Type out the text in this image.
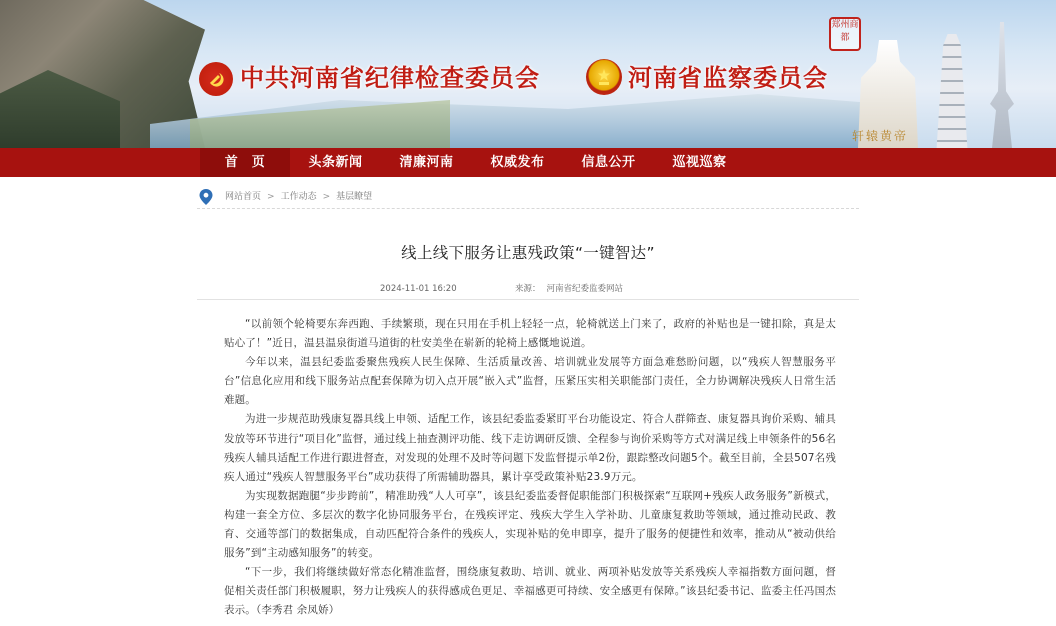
郑州商都
轩辕黄帝
中共河南省纪律检查委员会	河南省监察委员会
首　页	头条新闻	清廉河南	权威发布	信息公开	巡视巡察
网站首页 > 工作动态 > 基层瞭望
线上线下服务让惠残政策“一键智达”
2024-11-01 16:20	来源： 河南省纪委监委网站

“以前领个轮椅要东奔西跑、手续繁琐，现在只用在手机上轻轻一点，轮椅就送上门来了，政府的补贴也是一键扣除，真是太贴心了！”近日，温县温泉街道马道街的杜安美坐在崭新的轮椅上感慨地说道。

今年以来，温县纪委监委聚焦残疾人民生保障、生活质量改善、培训就业发展等方面急难愁盼问题，以“残疾人智慧服务平台”信息化应用和线下服务站点配套保障为切入点开展“嵌入式”监督，压紧压实相关职能部门责任，全力协调解决残疾人日常生活难题。

为进一步规范助残康复器具线上申领、适配工作，该县纪委监委紧盯平台功能设定、符合人群筛查、康复器具询价采购、辅具发放等环节进行“项目化”监督，通过线上抽查测评功能、线下走访调研反馈、全程参与询价采购等方式对满足线上申领条件的56名残疾人辅具适配工作进行跟进督查，对发现的处理不及时等问题下发监督提示单2份，跟踪整改问题5个。截至目前，全县507名残疾人通过“残疾人智慧服务平台”成功获得了所需辅助器具，累计享受政策补贴23.9万元。

为实现数据跑腿“步步跨前”，精准助残“人人可享”，该县纪委监委督促职能部门积极探索“互联网+残疾人政务服务”新模式，构建一套全方位、多层次的数字化协同服务平台，在残疾评定、残疾大学生入学补助、儿童康复救助等领域，通过推动民政、教育、交通等部门的数据集成，自动匹配符合条件的残疾人，实现补贴的免申即享，提升了服务的便捷性和效率，推动从“被动供给服务”到“主动感知服务”的转变。

“下一步，我们将继续做好常态化精准监督，围绕康复救助、培训、就业、两项补贴发放等关系残疾人幸福指数方面问题，督促相关责任部门积极履职，努力让残疾人的获得感成色更足、幸福感更可持续、安全感更有保障。”该县纪委书记、监委主任冯国杰表示。（李秀君 余凤娇）
